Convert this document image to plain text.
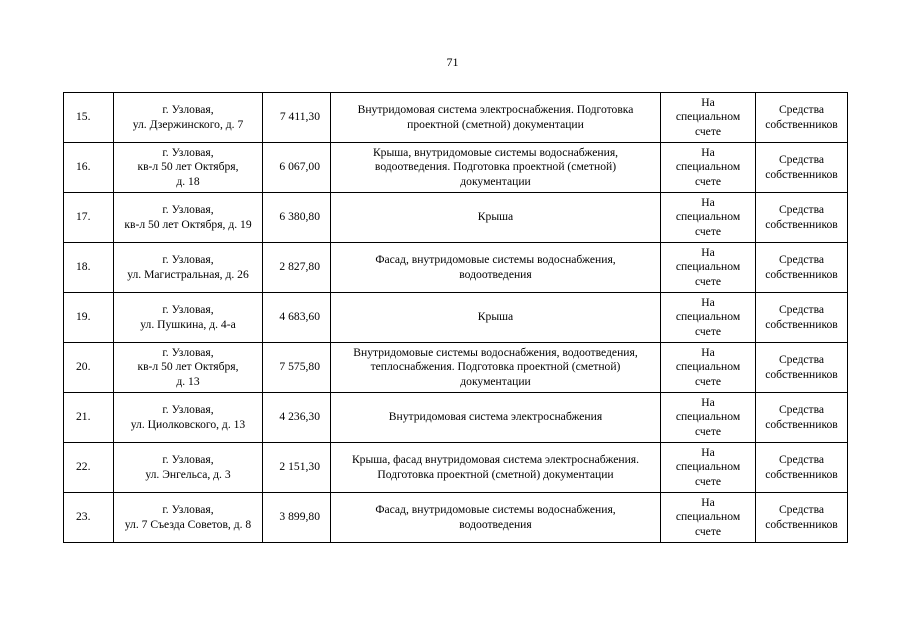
71
15.	г. Узловая,
ул. Дзержинского, д. 7	7 411,30	Внутридомовая система электроснабжения. Подготовка
проектной (сметной) документации	На
специальном
счете	Средства
собственников

16.	г. Узловая,
кв-л 50 лет Октября,
д. 18	6 067,00	Крыша, внутридомовые системы водоснабжения,
водоотведения. Подготовка проектной (сметной)
документации	На
специальном
счете	Средства
собственников

17.	г. Узловая,
кв-л 50 лет Октября, д. 19	6 380,80	Крыша	На
специальном
счете	Средства
собственников

18.	г. Узловая,
ул. Магистральная, д. 26	2 827,80	Фасад, внутридомовые системы водоснабжения,
водоотведения	На
специальном
счете	Средства
собственников

19.	г. Узловая,
ул. Пушкина, д. 4-а	4 683,60	Крыша	На
специальном
счете	Средства
собственников

20.	г. Узловая,
кв-л 50 лет Октября,
д. 13	7 575,80	Внутридомовые системы водоснабжения, водоотведения,
теплоснабжения. Подготовка проектной (сметной)
документации	На
специальном
счете	Средства
собственников

21.	г. Узловая,
ул. Циолковского, д. 13	4 236,30	Внутридомовая система электроснабжения	На
специальном
счете	Средства
собственников

22.	г. Узловая,
ул. Энгельса, д. 3	2 151,30	Крыша, фасад внутридомовая система электроснабжения.
Подготовка проектной (сметной) документации	На
специальном
счете	Средства
собственников

23.	г. Узловая,
ул. 7 Съезда Советов, д. 8	3 899,80	Фасад, внутридомовые системы водоснабжения,
водоотведения	На
специальном
счете	Средства
собственников
